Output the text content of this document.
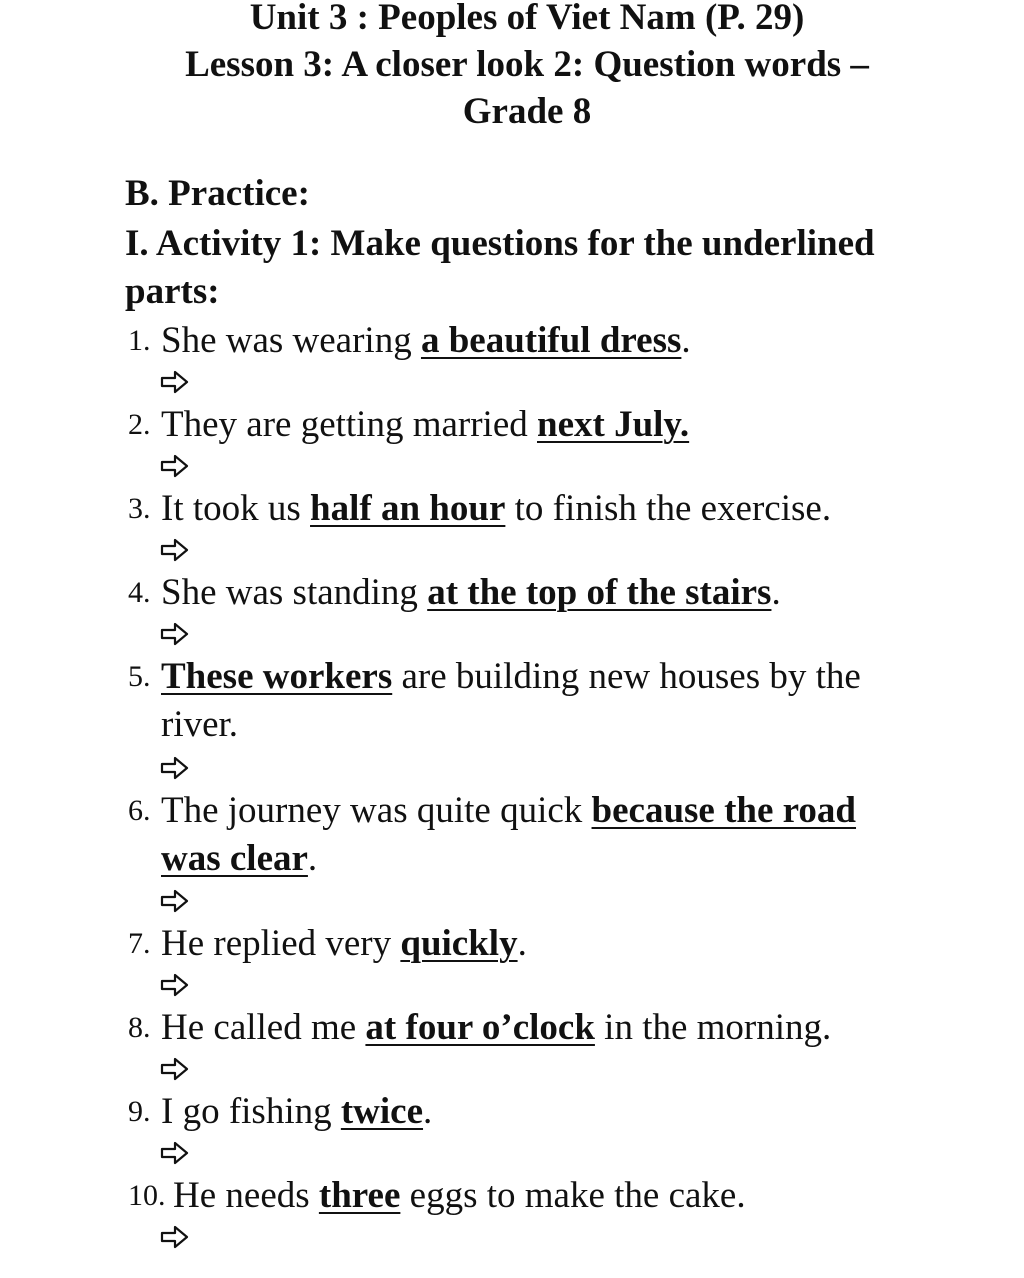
Unit 3 : Peoples of Viet Nam (P. 29)
Lesson 3: A closer look 2: Question words –
Grade 8
B. Practice:
I. Activity 1: Make questions for the underlined parts:
1. She was wearing a beautiful dress.
2. They are getting married next July.
3. It took us half an hour to finish the exercise.
4. She was standing at the top of the stairs.
5. These workers are building new houses by the river.
6. The journey was quite quick because the road was clear.
7. He replied very quickly.
8. He called me at four o’clock in the morning.
9. I go fishing twice.
10. He needs three eggs to make the cake.
